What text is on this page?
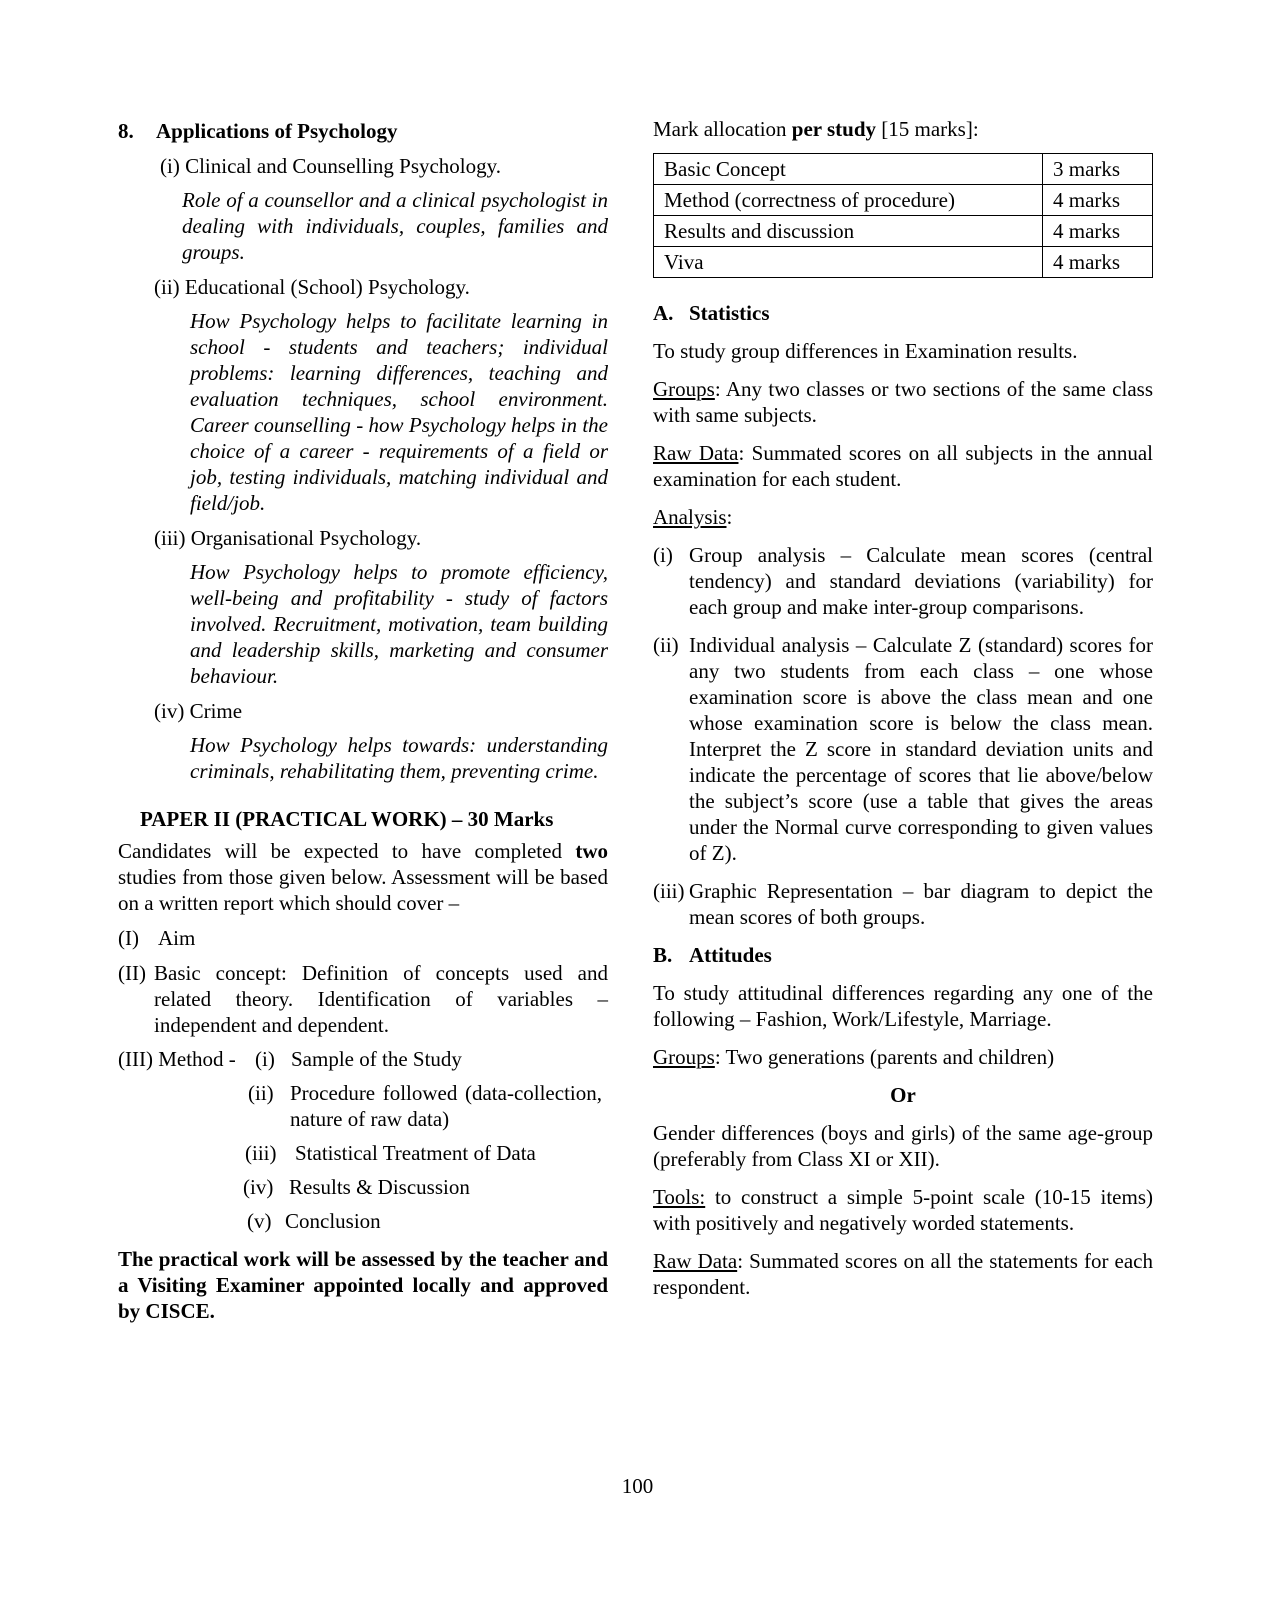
8.	Applications of Psychology
(i)
Clinical and Counselling Psychology.

Role of a counsellor and a clinical psychologist in dealing with individuals, couples, families and groups.

(ii)
Educational (School) Psychology.

How Psychology helps to facilitate learning in school - students and teachers; individual problems: learning differences, teaching and evaluation techniques, school environment. Career counselling - how Psychology helps in the choice of a career - requirements of a field or job, testing individuals, matching individual and field/job.

(iii)
Organisational Psychology.

How Psychology helps to promote efficiency, well-being and profitability - study of factors involved. Recruitment, motivation, team building and leadership skills, marketing and consumer behaviour.

(iv)
Crime

How Psychology helps towards: understanding criminals, rehabilitating them, preventing crime.

PAPER II (PRACTICAL WORK) – 30 Marks

Candidates will be expected to have completed two studies from those given below. Assessment will be based on a written report which should cover –

(I) Aim
(II) Basic concept: Definition of concepts used and related theory. Identification of variables – independent and dependent.
(III) Method - (i) Sample of the Study
(ii) Procedure followed (data-collection, nature of raw data)
(iii) Statistical Treatment of Data
(iv) Results & Discussion
(v) Conclusion

The practical work will be assessed by the teacher and a Visiting Examiner appointed locally and approved by CISCE.

Mark allocation per study [15 marks]:

Basic Concept	3 marks
Method (correctness of procedure)	4 marks
Results and discussion	4 marks
Viva	4 marks
A. Statistics

To study group differences in Examination results.

Groups: Any two classes or two sections of the same class with same subjects.

Raw Data: Summated scores on all subjects in the annual examination for each student.

Analysis:

(i) Group analysis – Calculate mean scores (central tendency) and standard deviations (variability) for each group and make inter-group comparisons.
(ii) Individual analysis – Calculate Z (standard) scores for any two students from each class – one whose examination score is above the class mean and one whose examination score is below the class mean. Interpret the Z score in standard deviation units and indicate the percentage of scores that lie above/below the subject’s score (use a table that gives the areas under the Normal curve corresponding to given values of Z).
(iii) Graphic Representation – bar diagram to depict the mean scores of both groups.
B. Attitudes

To study attitudinal differences regarding any one of the following – Fashion, Work/Lifestyle, Marriage.

Groups: Two generations (parents and children)

Or

Gender differences (boys and girls) of the same age-group (preferably from Class XI or XII).

Tools: to construct a simple 5-point scale (10-15 items) with positively and negatively worded statements.

Raw Data: Summated scores on all the statements for each respondent.

100
